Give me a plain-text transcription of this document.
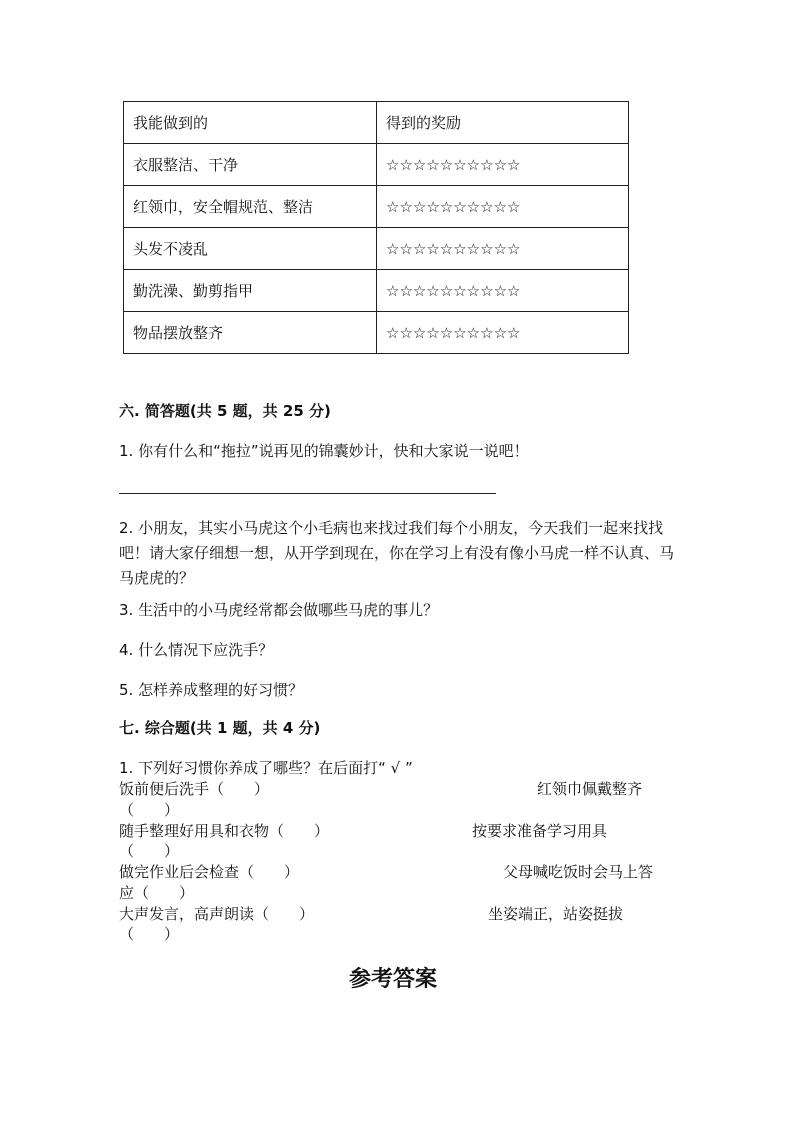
我能做到的	得到的奖励
衣服整洁、干净	☆☆☆☆☆☆☆☆☆☆
红领巾，安全帽规范、整洁	☆☆☆☆☆☆☆☆☆☆
头发不凌乱	☆☆☆☆☆☆☆☆☆☆
勤洗澡、勤剪指甲	☆☆☆☆☆☆☆☆☆☆
物品摆放整齐	☆☆☆☆☆☆☆☆☆☆
六. 简答题(共 5 题，共 25 分)
1. 你有什么和“拖拉”说再见的锦囊妙计，快和大家说一说吧！
2. 小朋友，其实小马虎这个小毛病也来找过我们每个小朋友，今天我们一起来找找吧！请大家仔细想一想，从开学到现在，你在学习上有没有像小马虎一样不认真、马马虎虎的？
3. 生活中的小马虎经常都会做哪些马虎的事儿？
4. 什么情况下应洗手？
5. 怎样养成整理的好习惯？
七. 综合题(共 1 题，共 4 分)
1. 下列好习惯你养成了哪些？在后面打“ √ ”
饭前便后洗手（　　）	红领巾佩戴整齐
（　　）
随手整理好用具和衣物（　　）	按要求准备学习用具
（　　）
做完作业后会检查（　　）	父母喊吃饭时会马上答
应（　　）
大声发言，高声朗读（　　）	坐姿端正，站姿挺拔
（　　）
参考答案
